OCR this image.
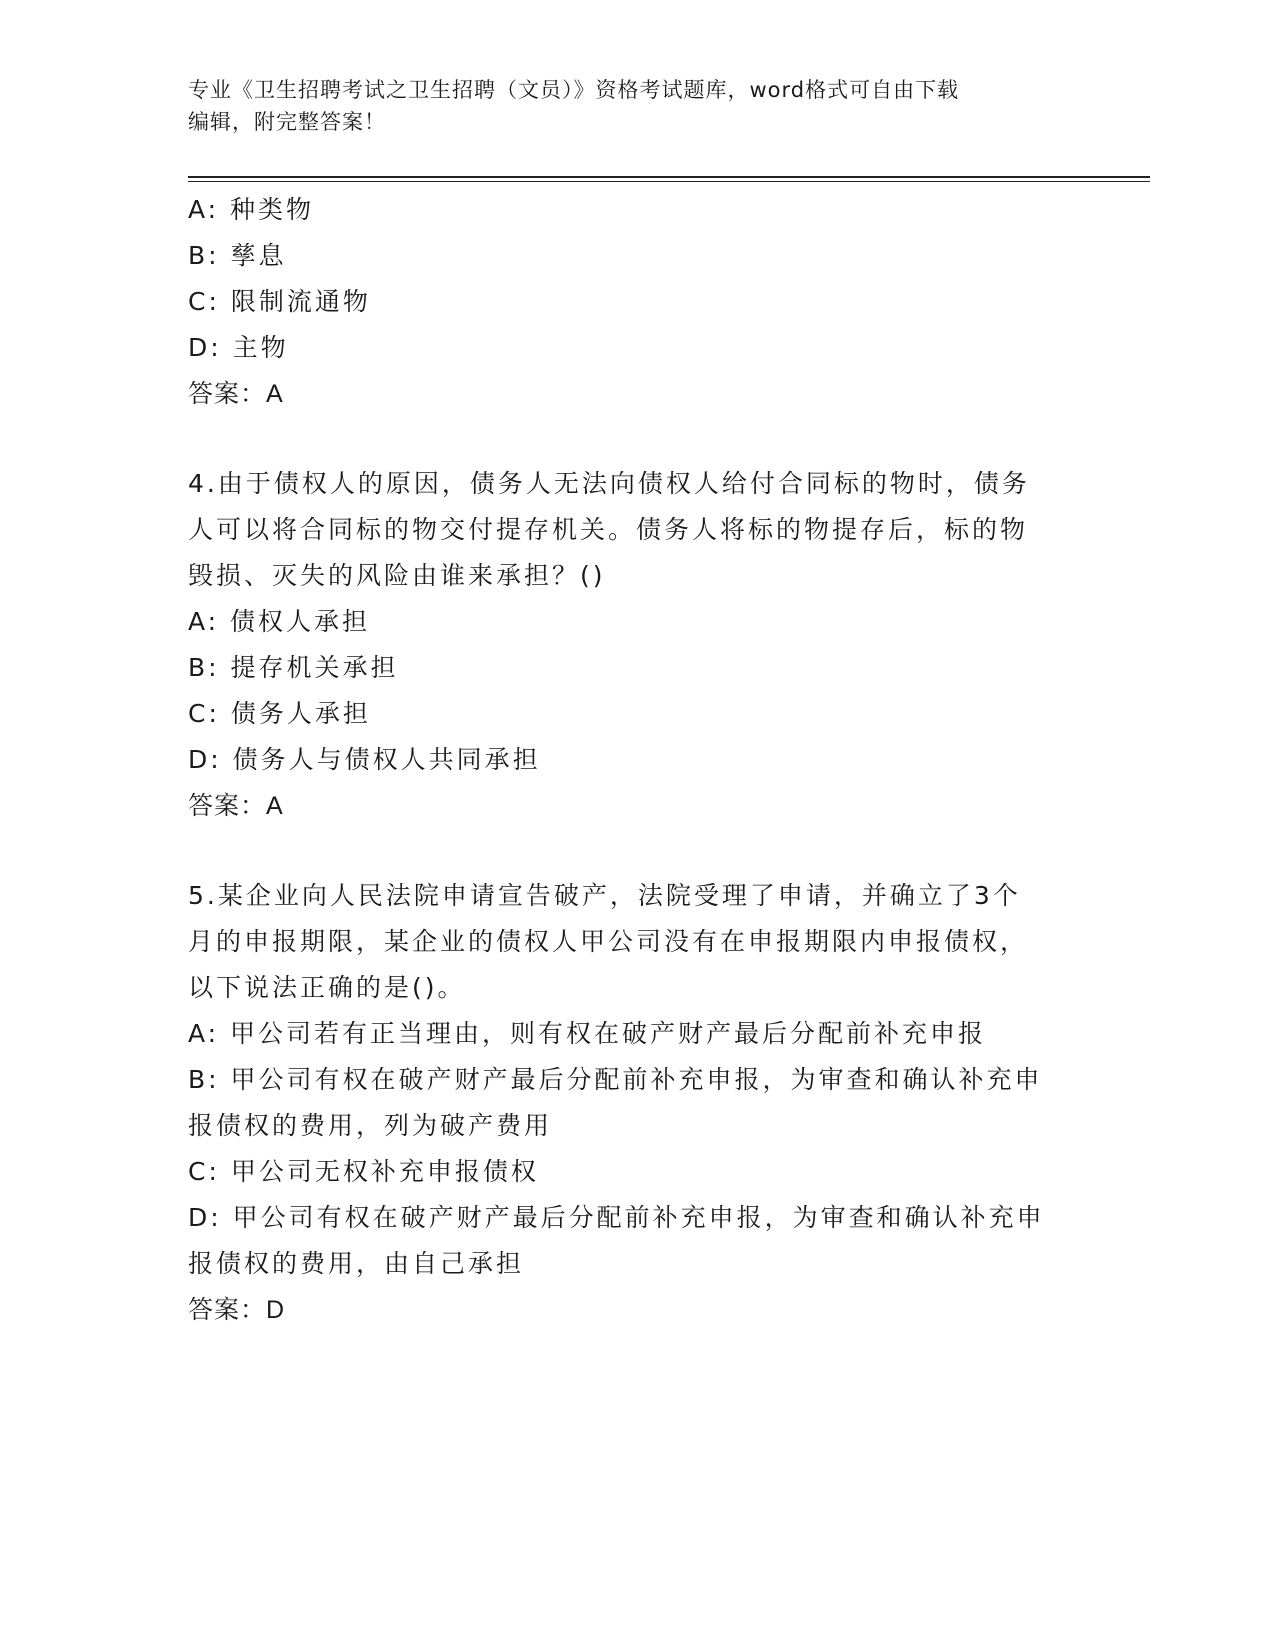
专业《卫生招聘考试之卫生招聘（文员）》资格考试题库，word格式可自由下载
编辑，附完整答案！
A: 种类物
B: 孳息
C: 限制流通物
D: 主物
答案：A
4.由于债权人的原因，债务人无法向债权人给付合同标的物时，债务
人可以将合同标的物交付提存机关。债务人将标的物提存后，标的物
毁损、灭失的风险由谁来承担？()
A: 债权人承担
B: 提存机关承担
C: 债务人承担
D: 债务人与债权人共同承担
答案：A
5.某企业向人民法院申请宣告破产，法院受理了申请，并确立了3个
月的申报期限，某企业的债权人甲公司没有在申报期限内申报债权，
以下说法正确的是()。
A: 甲公司若有正当理由，则有权在破产财产最后分配前补充申报
B: 甲公司有权在破产财产最后分配前补充申报，为审查和确认补充申
报债权的费用，列为破产费用
C: 甲公司无权补充申报债权
D: 甲公司有权在破产财产最后分配前补充申报，为审查和确认补充申
报债权的费用，由自己承担
答案：D
